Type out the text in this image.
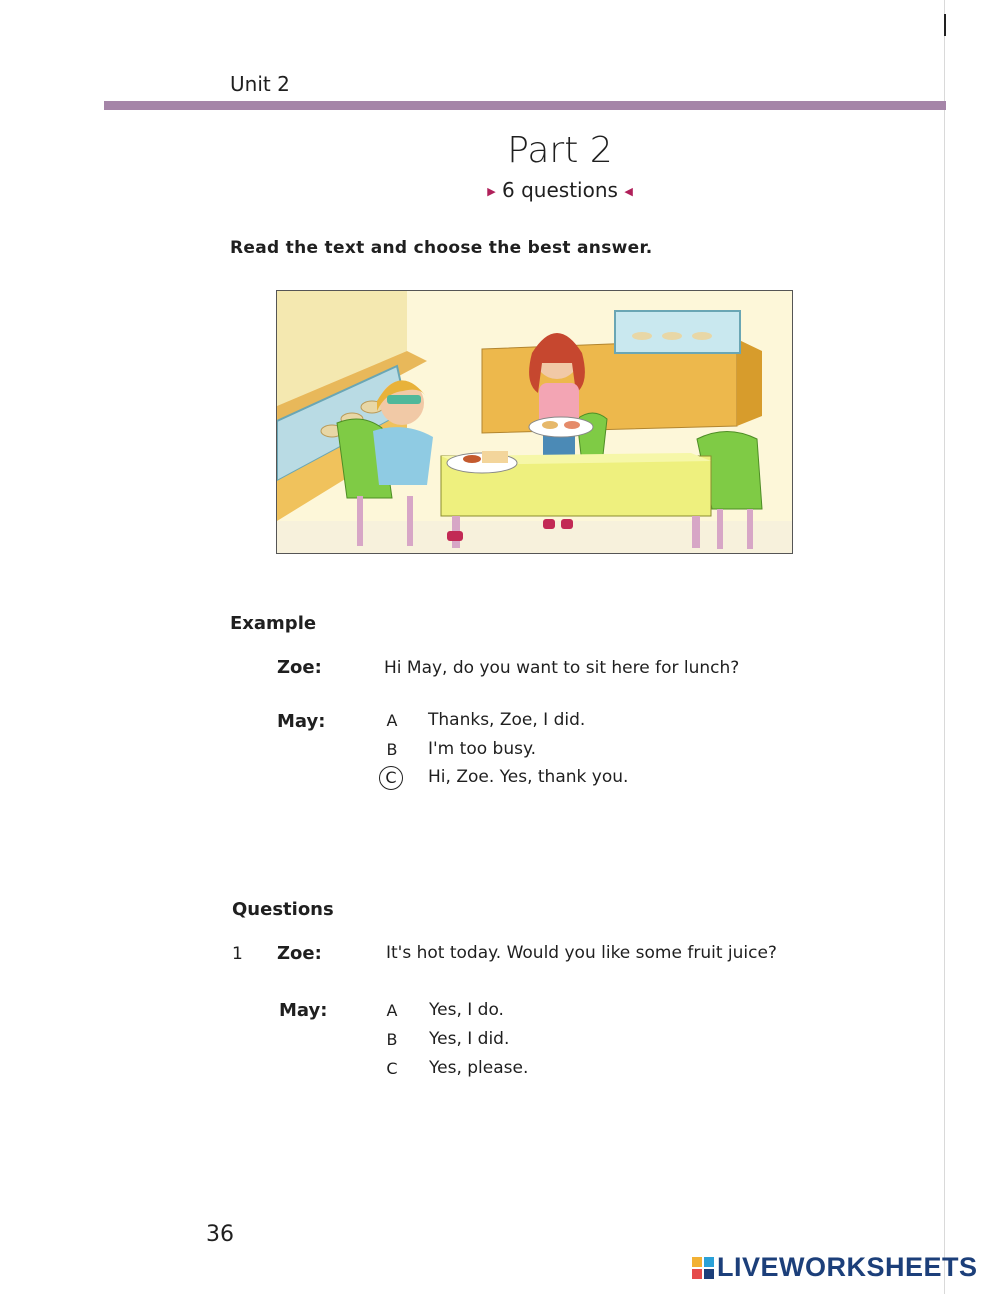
Unit 2
Part 2
▶ 6 questions ◀
Read the text and choose the best answer.
Example
Zoe:	Hi May, do you want to sit here for lunch?
May:	A	Thanks, Zoe, I did.
B	I'm too busy.
C	Hi, Zoe. Yes, thank you.
Questions
1 Zoe:	It's hot today. Would you like some fruit juice?
May:	A	Yes, I do.
B	Yes, I did.
C	Yes, please.
36
LIVEWORKSHEETS
